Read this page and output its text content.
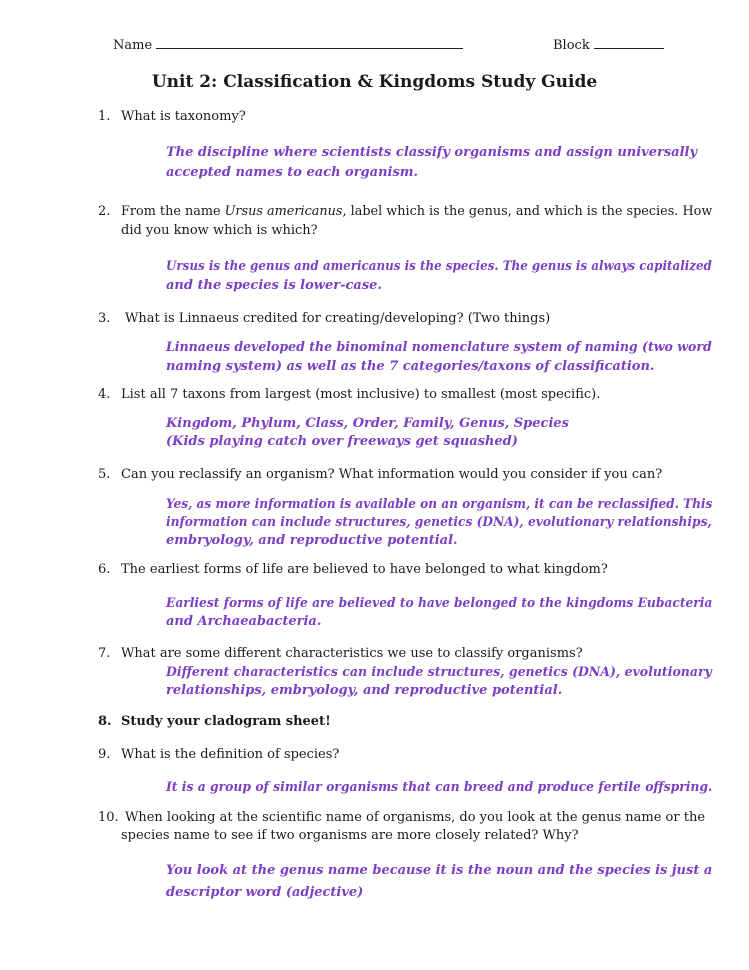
Name	Block
Unit 2: Classification & Kingdoms Study Guide
1. What is taxonomy?
The discipline where scientists classify organisms and assign universally
accepted names to each organism.
2. From the name Ursus americanus, label which is the genus, and which is the species. How
did you know which is which?
Ursus is the genus and americanus is the species. The genus is always capitalized
and the species is lower-case.
3. What is Linnaeus credited for creating/developing? (Two things)
Linnaeus developed the binominal nomenclature system of naming (two word
naming system) as well as the 7 categories/taxons of classification.
4. List all 7 taxons from largest (most inclusive) to smallest (most specific).
Kingdom, Phylum, Class, Order, Family, Genus, Species
(Kids playing catch over freeways get squashed)
5. Can you reclassify an organism? What information would you consider if you can?
Yes, as more information is available on an organism, it can be reclassified. This
information can include structures, genetics (DNA), evolutionary relationships,
embryology, and reproductive potential.
6. The earliest forms of life are believed to have belonged to what kingdom?
Earliest forms of life are believed to have belonged to the kingdoms Eubacteria
and Archaeabacteria.
7. What are some different characteristics we use to classify organisms?
Different characteristics can include structures, genetics (DNA), evolutionary
relationships, embryology, and reproductive potential.
8. Study your cladogram sheet!
9. What is the definition of species?
It is a group of similar organisms that can breed and produce fertile offspring.
10. When looking at the scientific name of organisms, do you look at the genus name or the
species name to see if two organisms are more closely related? Why?
You look at the genus name because it is the noun and the species is just a
descriptor word (adjective)
